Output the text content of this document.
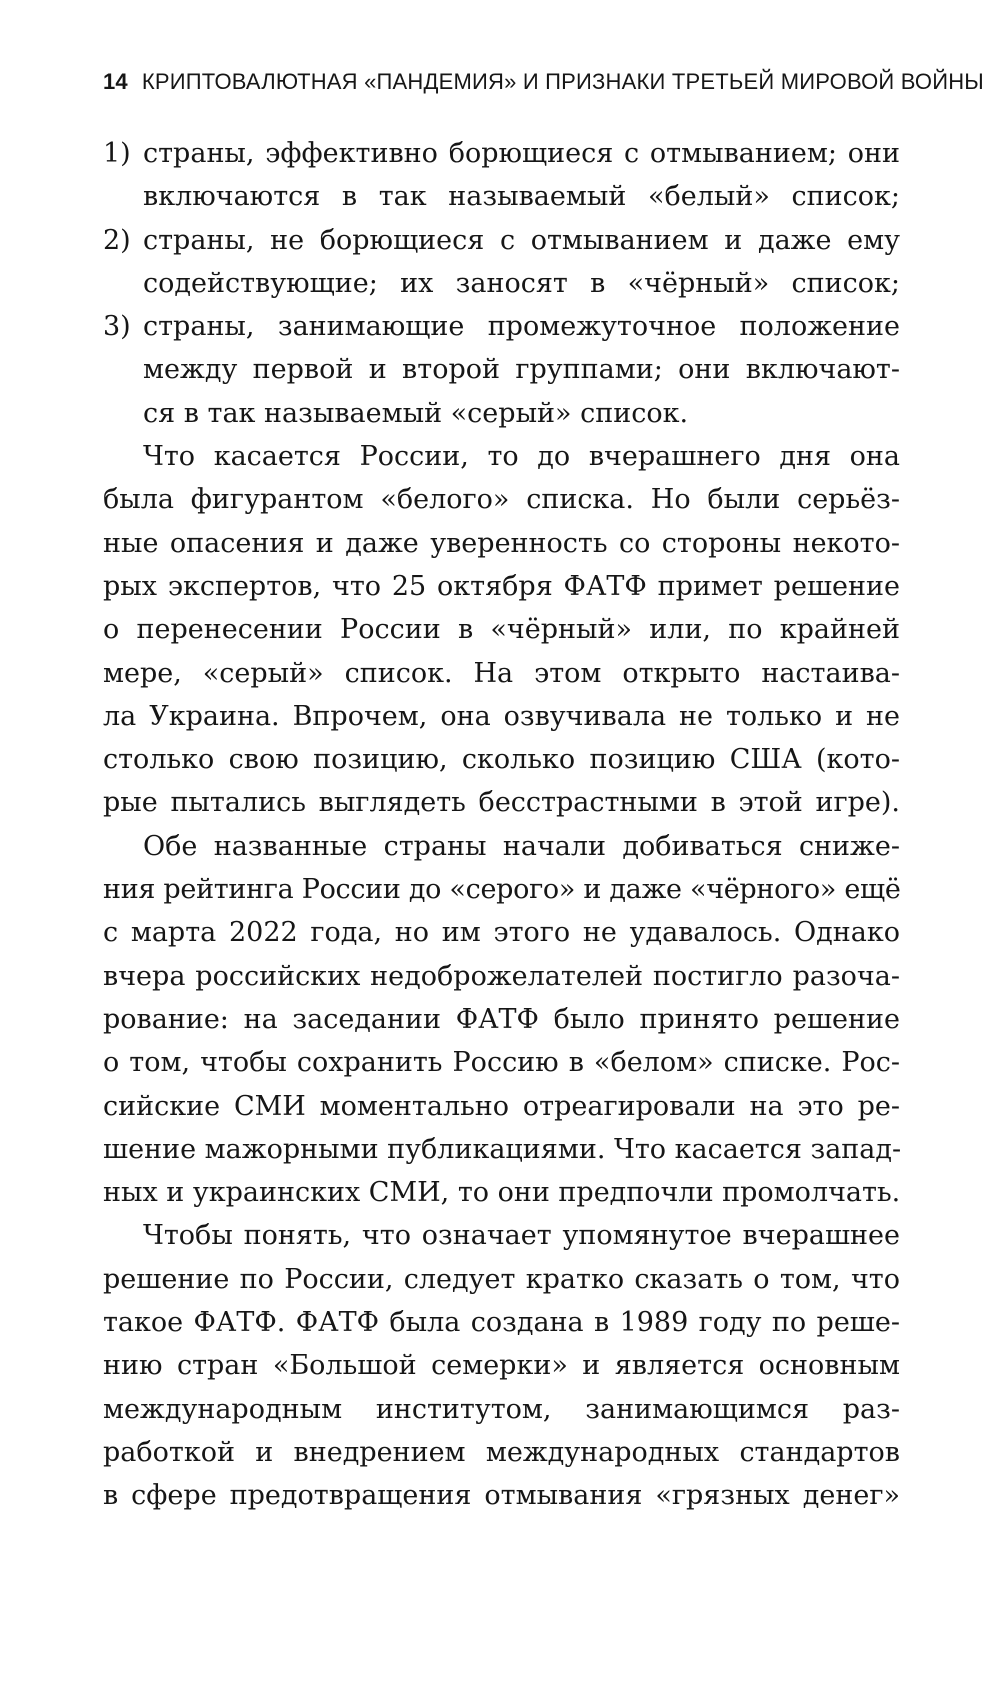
14 КРИПТОВАЛЮТНАЯ «ПАНДЕМИЯ» И ПРИЗНАКИ ТРЕТЬЕЙ МИРОВОЙ ВОЙНЫ
1) страны, эффективно борющиеся с отмыванием; они
включаются в так называемый «белый» список;
2) страны, не борющиеся с отмыванием и даже ему
содействующие; их заносят в «чёрный» список;
3) страны, занимающие промежуточное положение
между первой и второй группами; они включают-
ся в так называемый «серый» список.
Что касается России, то до вчерашнего дня она
была фигурантом «белого» списка. Но были серьёз-
ные опасения и даже уверенность со стороны некото-
рых экспертов, что 25 октября ФАТФ примет решение
о перенесении России в «чёрный» или, по крайней
мере, «серый» список. На этом открыто настаива-
ла Украина. Впрочем, она озвучивала не только и не
столько свою позицию, сколько позицию США (кото-
рые пытались выглядеть бесстрастными в этой игре).
Обе названные страны начали добиваться сниже-
ния рейтинга России до «серого» и даже «чёрного» ещё
с марта 2022 года, но им этого не удавалось. Однако
вчера российских недоброжелателей постигло разоча-
рование: на заседании ФАТФ было принято решение
о том, чтобы сохранить Россию в «белом» списке. Рос-
сийские СМИ моментально отреагировали на это ре-
шение мажорными публикациями. Что касается запад-
ных и украинских СМИ, то они предпочли промолчать.
Чтобы понять, что означает упомянутое вчерашнее
решение по России, следует кратко сказать о том, что
такое ФАТФ. ФАТФ была создана в 1989 году по реше-
нию стран «Большой семерки» и является основным
международным институтом, занимающимся раз-
работкой и внедрением международных стандартов
в сфере предотвращения отмывания «грязных денег»
